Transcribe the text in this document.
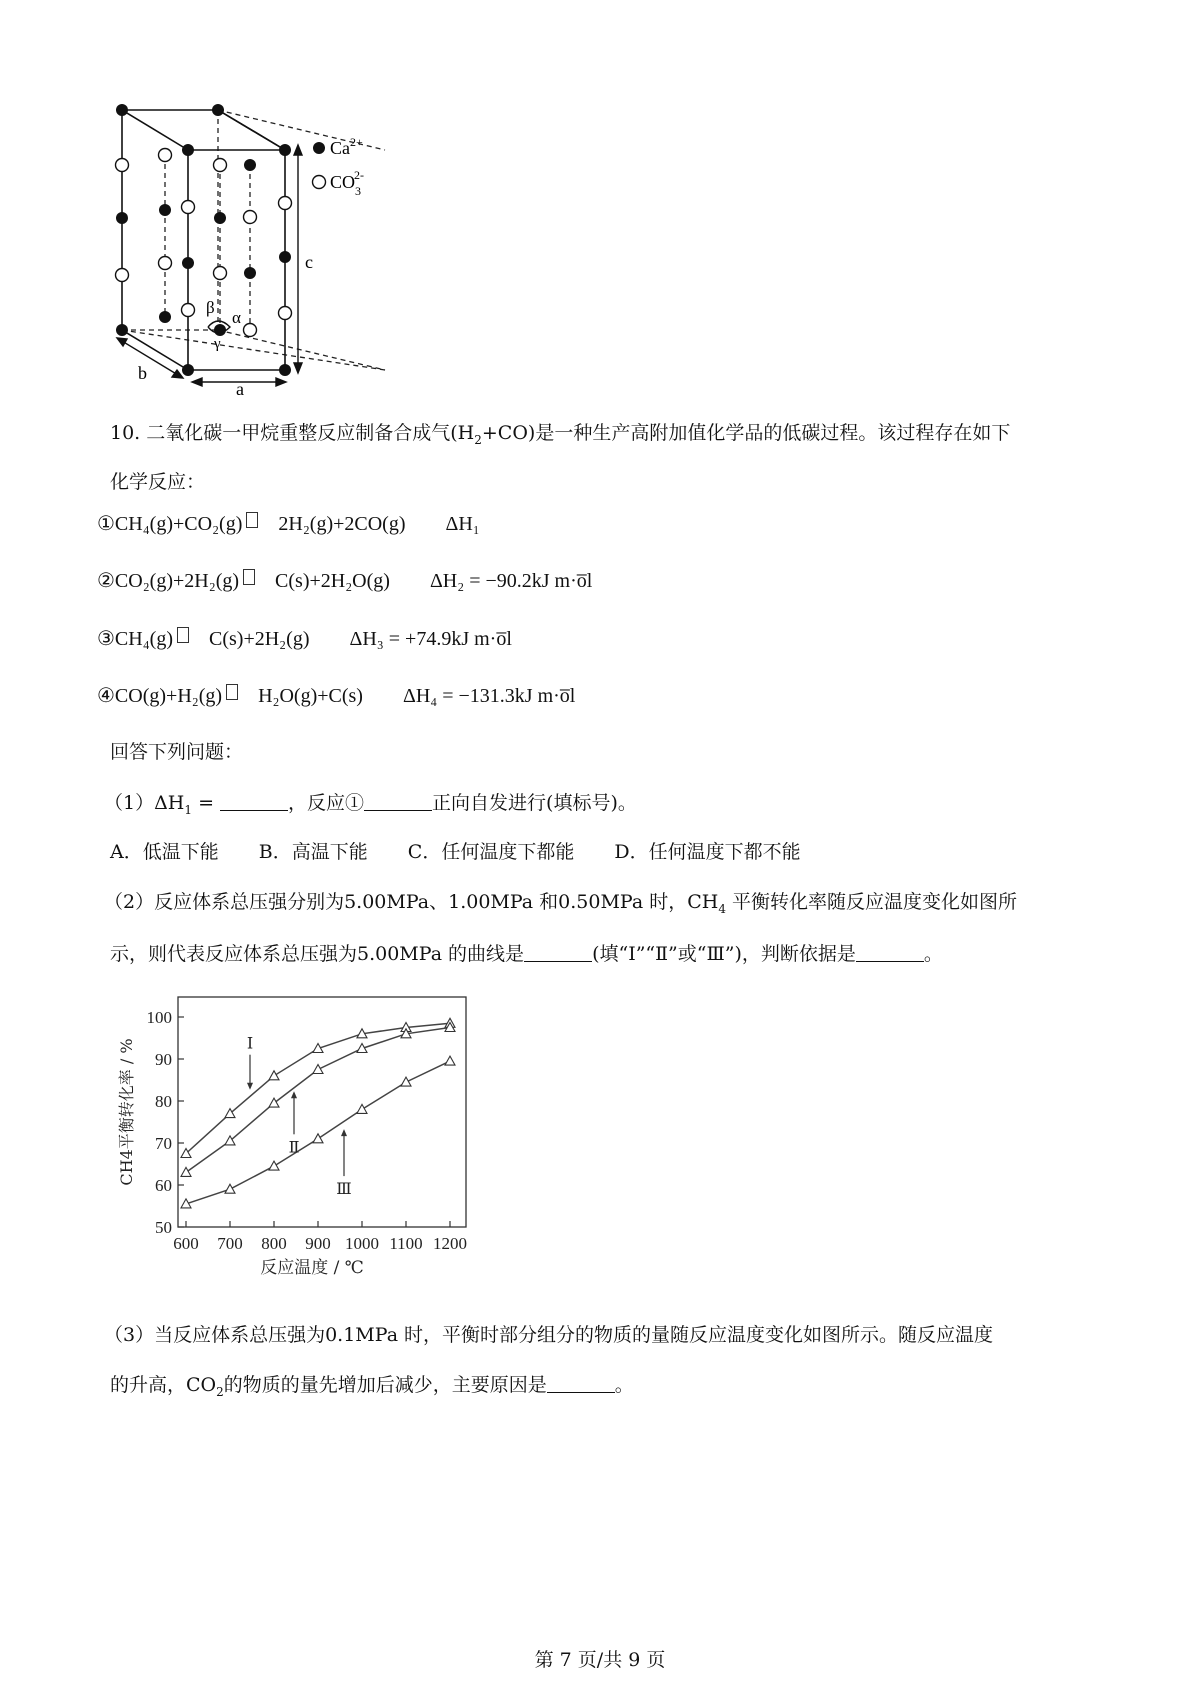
β
α
γ
c
b
a
$Ca^{2+}$
$CO_32-$
10. 二氧化碳一甲烷重整反应制备合成气$(H_2+CO)$是一种生产高附加值化学品的低碳过程。该过程存在如下
化学反应：
①CH₄(g)+CO₂(g) 2H₂(g)+2CO(g) ΔH₁
②CO₂(g)+2H₂(g) C(s)+2H₂O(g) ΔH₂ = −90.2kJ m·o̅l
③CH₄(g) C(s)+2H₂(g) ΔH₃ = +74.9kJ m·o̅l
④CO(g)+H₂(g) H₂O(g)+C(s) ΔH₄ = −131.3kJ m·o̅l
回答下列问题：
$(1)\Delta H_1$ =	，反应①	正向自发进行(填标号)。
A．低温下能 B．高温下能 C．任何温度下都能 D．任何温度下都不能
（2）反应体系总压强分别为5.00MPa、1.00MPa 和0.50MPa 时，$CH_4$ 平衡转化率随反应温度变化如图所
示，则代表反应体系总压强为5.00MPa 的曲线是	(填“Ⅰ”“Ⅱ”或“Ⅲ”)，判断依据是	。
50
60
70
80
90
100
600 700 800 900 1000 1100 1200
反应温度 / ℃
CH4平衡转化率 / %	Ⅰ
Ⅱ
Ⅲ
（3）当反应体系总压强为0.1MPa 时，平衡时部分组分的物质的量随反应温度变化如图所示。随反应温度
的升高，$CO_2$的物质的量先增加后减少，主要原因是	。
第 7 页/共 9 页
